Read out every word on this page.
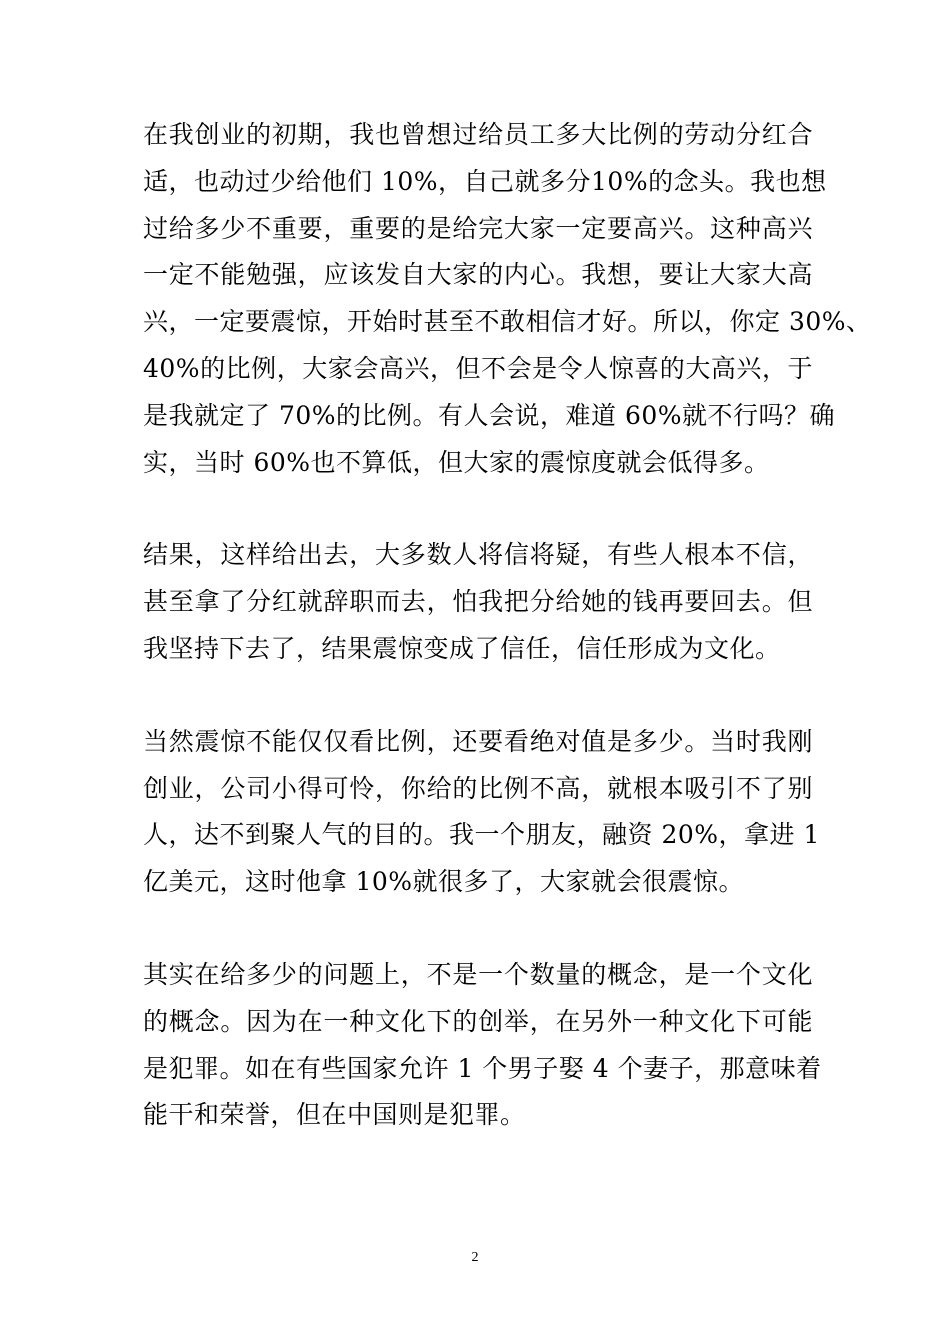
在我创业的初期，我也曾想过给员工多大比例的劳动分红合
适，也动过少给他们 10%，自己就多分10%的念头。我也想
过给多少不重要，重要的是给完大家一定要高兴。这种高兴
一定不能勉强，应该发自大家的内心。我想，要让大家大高
兴，一定要震惊，开始时甚至不敢相信才好。所以，你定 30%、
40%的比例，大家会高兴，但不会是令人惊喜的大高兴，于
是我就定了 70%的比例。有人会说，难道 60%就不行吗？确
实，当时 60%也不算低，但大家的震惊度就会低得多。
结果，这样给出去，大多数人将信将疑，有些人根本不信，
甚至拿了分红就辞职而去，怕我把分给她的钱再要回去。但
我坚持下去了，结果震惊变成了信任，信任形成为文化。
当然震惊不能仅仅看比例，还要看绝对值是多少。当时我刚
创业，公司小得可怜，你给的比例不高，就根本吸引不了别
人，达不到聚人气的目的。我一个朋友，融资 20%，拿进 1
亿美元，这时他拿 10%就很多了，大家就会很震惊。
其实在给多少的问题上，不是一个数量的概念，是一个文化
的概念。因为在一种文化下的创举，在另外一种文化下可能
是犯罪。如在有些国家允许 1 个男子娶 4 个妻子，那意味着
能干和荣誉，但在中国则是犯罪。
2
